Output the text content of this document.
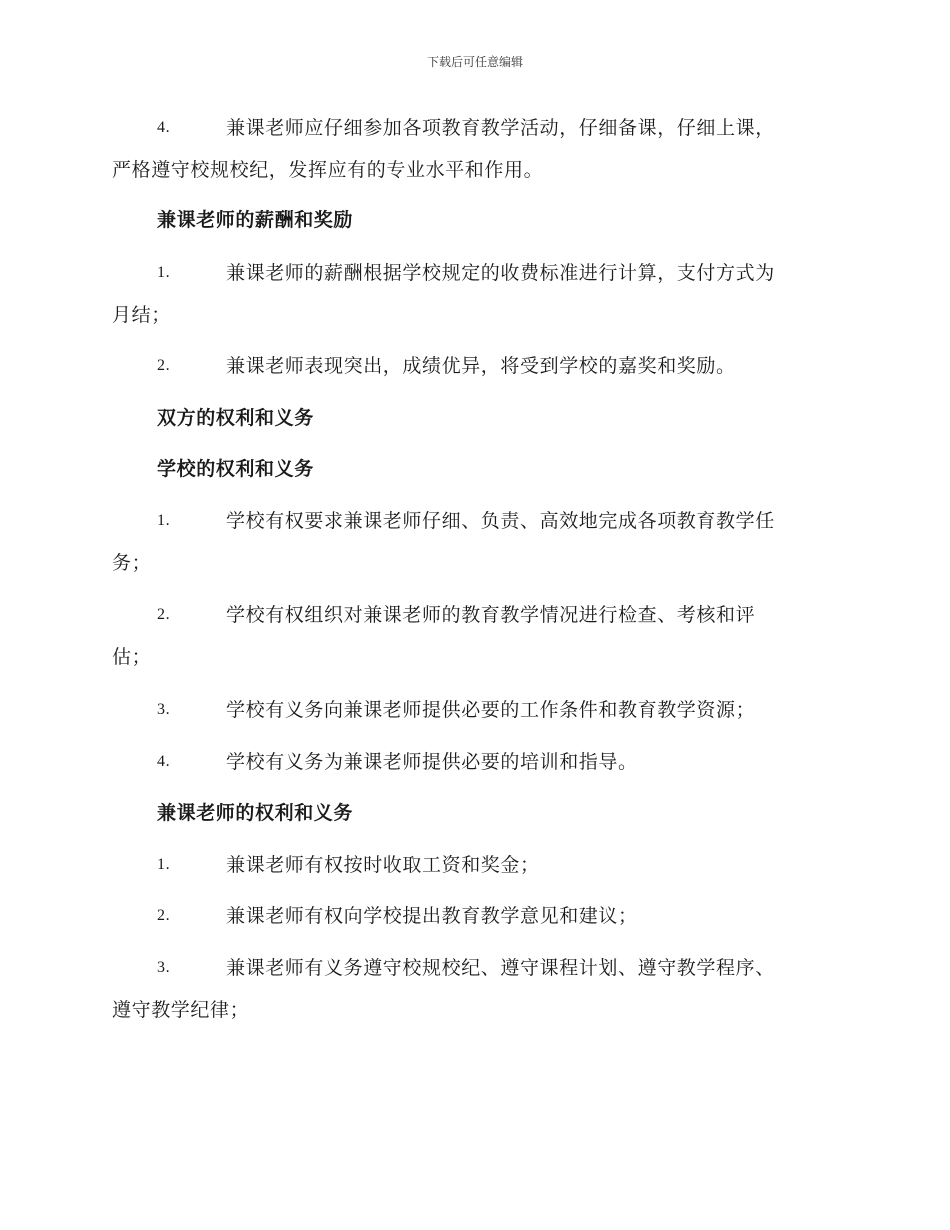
下载后可任意编辑
4.	兼课老师应仔细参加各项教育教学活动，仔细备课，仔细上课，
严格遵守校规校纪，发挥应有的专业水平和作用。
兼课老师的薪酬和奖励
1.	兼课老师的薪酬根据学校规定的收费标准进行计算，支付方式为
月结；
2.	兼课老师表现突出，成绩优异，将受到学校的嘉奖和奖励。
双方的权利和义务
学校的权利和义务
1.	学校有权要求兼课老师仔细、负责、高效地完成各项教育教学任
务；
2.	学校有权组织对兼课老师的教育教学情况进行检查、考核和评
估；
3.	学校有义务向兼课老师提供必要的工作条件和教育教学资源；
4.	学校有义务为兼课老师提供必要的培训和指导。
兼课老师的权利和义务
1.	兼课老师有权按时收取工资和奖金；
2.	兼课老师有权向学校提出教育教学意见和建议；
3.	兼课老师有义务遵守校规校纪、遵守课程计划、遵守教学程序、
遵守教学纪律；
